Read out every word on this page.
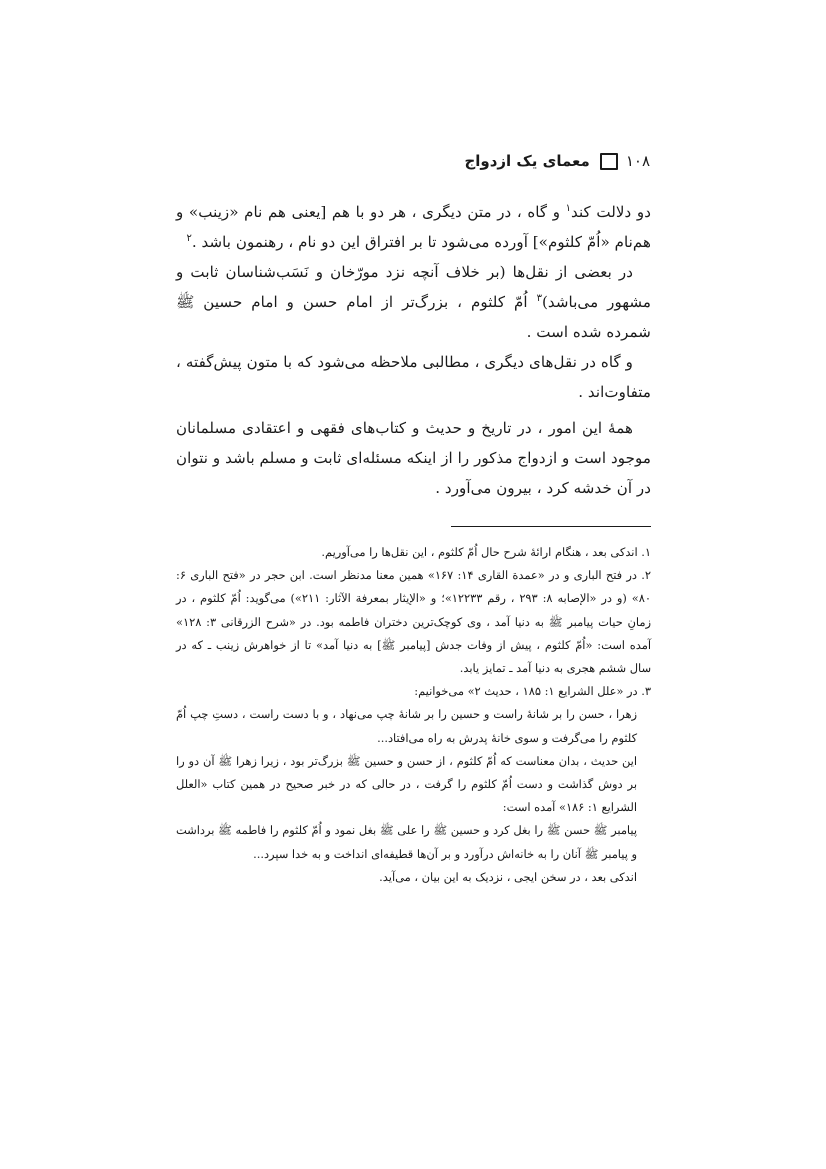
۱۰۸
معمای یک ازدواج

دو دلالت کند$^۱$ و گاه ، در متن دیگری ، هر دو با هم [یعنی هم نام «زینب» و هم‌نام «اُمّ کلثوم»] آورده می‌شود تا بر افتراق این دو نام ، رهنمون باشد .$^۲$

در بعضی از نقل‌ها (بر خلاف آنچه نزد مورّخان و نَسَب‌شناسان ثابت و مشهور می‌باشد)$^۳$ اُمّ کلثوم ، بزرگ‌تر از امام حسن و امام حسین ﷺ شمرده شده است .

و گاه در نقل‌های دیگری ، مطالبی ملاحظه می‌شود که با متون پیش‌گفته ، متفاوت‌اند .

همهٔ این امور ، در تاریخ و حدیث و کتاب‌های فقهی و اعتقادی مسلمانان موجود است و ازدواج مذکور را از اینکه مسئله‌ای ثابت و مسلم باشد و نتوان در آن خدشه کرد ، بیرون می‌آورد .

۱. اندکی بعد ، هنگام ارائهٔ شرح حال اُمّ کلثوم ، این نقل‌ها را می‌آوریم.

۲. در فتح الباری و در «عمدة القاری ۱۴: ۱۶۷» همین معنا مدنظر است. ابن حجر در «فتح الباری ۶: ۸۰» (و در «الإصابه ۸: ۲۹۳ ، رقم ۱۲۲۳۳»؛ و «الإیثار بمعرفة الآثار: ۲۱۱») می‌گوید: اُمّ کلثوم ، در زمانِ حیات پیامبر ﷺ به دنیا آمد ، وی کوچک‌ترین دختران فاطمه بود. در «شرح الزرقانی ۳: ۱۲۸» آمده است: «اُمّ کلثوم ، پیش از وفات جدش [پیامبر ﷺ] به دنیا آمد» تا از خواهرش زینب ـ که در سال ششم هجری به دنیا آمد ـ تمایز یابد.

۳. در «علل الشرایع ۱: ۱۸۵ ، حدیث ۲» می‌خوانیم:

زهرا ، حسن را بر شانهٔ راست و حسین را بر شانهٔ چپ می‌نهاد ، و با دست راست ، دستِ چپ اُمّ کلثوم را می‌گرفت و سوی خانهٔ پدرش به راه می‌افتاد...

این حدیث ، بدان معناست که اُمّ کلثوم ، از حسن و حسین ﷺ بزرگ‌تر بود ، زیرا زهرا ﷺ آن دو را بر دوش گذاشت و دست اُمّ کلثوم را گرفت ، در حالی که در خبر صحیح در همین کتاب «العلل الشرایع ۱: ۱۸۶» آمده است:

پیامبر ﷺ حسن ﷺ را بغل کرد و حسین ﷺ را علی ﷺ بغل نمود و اُمّ کلثوم را فاطمه ﷺ برداشت و پیامبر ﷺ آنان را به خانه‌اش درآورد و بر آن‌ها قطیفه‌ای انداخت و به خدا سپرد...

اندکی بعد ، در سخن ایجی ، نزدیک به این بیان ، می‌آید.
